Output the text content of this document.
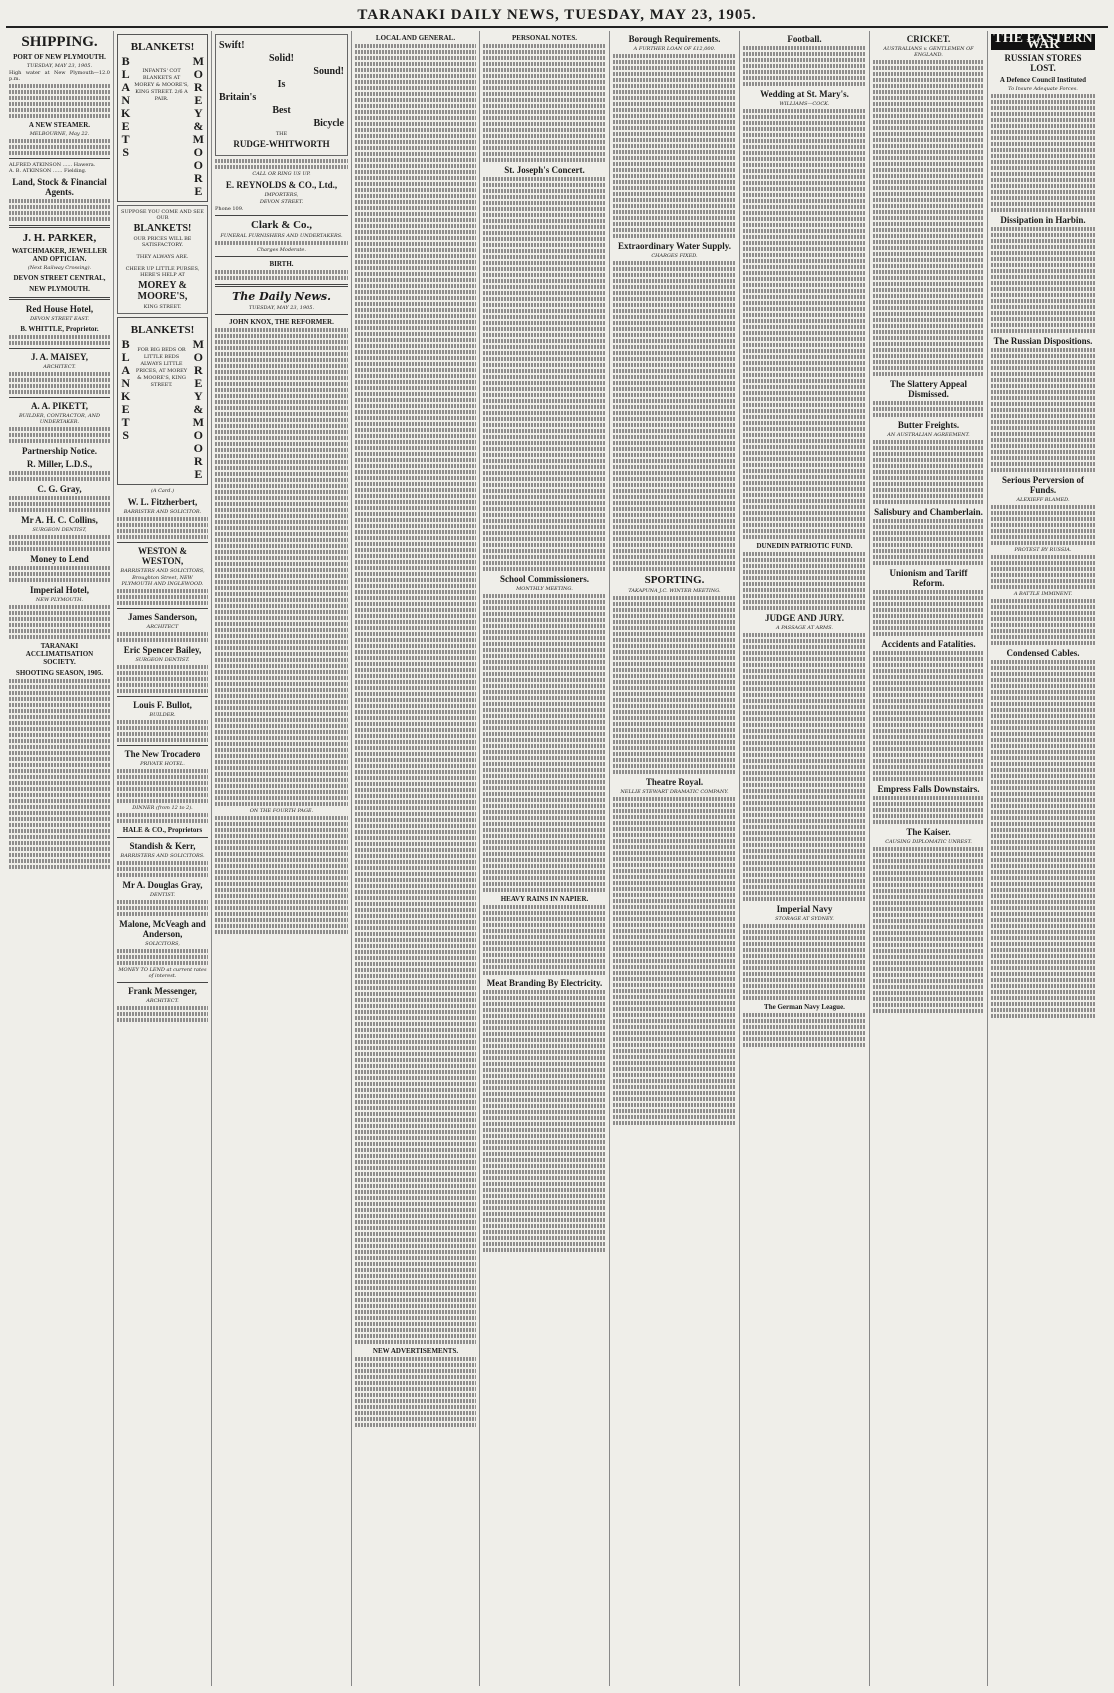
TARANAKI DAILY NEWS, TUESDAY, MAY 23, 1905.
SHIPPING.
PORT OF NEW PLYMOUTH.
TUESDAY, MAY 23, 1905.
High water at New Plymouth—12.0 p.m.
A NEW STEAMER.
MELBOURNE, May 22.
ALFRED ATKINSON ...... Hawera.
A. B. ATKINSON ...... Fielding.
Land, Stock & Financial Agents.
J. H. PARKER,
WATCHMAKER, JEWELLER AND OPTICIAN.
(Next Railway Crossing).
DEVON STREET CENTRAL,
NEW PLYMOUTH.
Red House Hotel,
DEVON STREET EAST.
B. WHITTLE, Proprietor.
J. A. MAISEY,
ARCHITECT.
A. A. PIKETT,
BUILDER, CONTRACTOR, AND UNDERTAKER.
Partnership Notice.
R. Miller, L.D.S.,
C. G. Gray,
Mr A. H. C. Collins,
SURGEON DENTIST,
Money to Lend
Imperial Hotel,
NEW PLYMOUTH.
TARANAKI ACCLIMATISATION SOCIETY.
SHOOTING SEASON, 1905.
BLANKETS!
B
L
A
N
K
E
T
S
INFANTS' COT BLANKETS AT MOREY & MOORE'S, KING STREET. 2/6 A PAIR.
M
O
R
E
Y
&
M
O
O
R
E
SUPPOSE YOU COME AND SEE
OUR
BLANKETS!
OUR PRICES WILL BE SATISFACTORY.
THEY ALWAYS ARE.
CHEER UP LITTLE PURSES, HERE'S HELP AT
MOREY & MOORE'S,
KING STREET.
BLANKETS!
B
L
A
N
K
E
T
S
FOR BIG BEDS OR LITTLE BEDS ALWAYS LITTLE PRICES, AT MOREY & MOORE'S, KING STREET.
M
O
R
E
Y
&
M
O
O
R
E
(A Card.)
W. L. Fitzherbert,
BARRISTER AND SOLICITOR.
WESTON & WESTON,
BARRISTERS AND SOLICITORS,
Broughton Street, NEW PLYMOUTH AND INGLEWOOD.
James Sanderson,
ARCHITECT
Eric Spencer Bailey,
SURGEON DENTIST.
Louis F. Bullot,
BUILDER.
The New Trocadero
PRIVATE HOTEL.
DINNER (from 12 to 2).
HALE & CO., Proprietors
Standish & Kerr,
BARRISTERS AND SOLICITORS.
Mr A. Douglas Gray,
DENTIST.
Malone, McVeagh and Anderson,
SOLICITORS,
MONEY TO LEND at current rates of interest.
Frank Messenger,
ARCHITECT.
Swift!
Solid!
Sound!
Is
Britain's
Best
Bicycle
THE
RUDGE-WHITWORTH
CALL OR RING US UP.
E. REYNOLDS & CO., Ltd.,
IMPORTERS,
DEVON STREET.
Phone 109.
Clark & Co.,
FUNERAL FURNISHERS AND UNDERTAKERS.
Charges Moderate.
BIRTH.
The Daily News.
TUESDAY, MAY 23, 1905.
JOHN KNOX, THE REFORMER.
ON THE FOURTH PAGE.
LOCAL AND GENERAL.
NEW ADVERTISEMENTS.
PERSONAL NOTES.
St. Joseph's Concert.
School Commissioners.
MONTHLY MEETING.
HEAVY RAINS IN NAPIER.
Meat Branding By Electricity.
Borough Requirements.
A FURTHER LOAN OF £12,000.
Extraordinary Water Supply.
CHARGES FIXED.
SPORTING.
TAKAPUNA J.C. WINTER MEETING.
Theatre Royal.
NELLIE STEWART DRAMATIC COMPANY.
Football.
Wedding at St. Mary's.
WILLIAMS—COCK.
DUNEDIN PATRIOTIC FUND.
JUDGE AND JURY.
A PASSAGE AT ARMS.
Imperial Navy
STORAGE AT SYDNEY.
The German Navy League.
CRICKET.
AUSTRALIANS v. GENTLEMEN OF ENGLAND.
The Slattery Appeal Dismissed.
Butter Freights.
AN AUSTRALIAN AGREEMENT.
Salisbury and Chamberlain.
Unionism and Tariff Reform.
Accidents and Fatalities.
Empress Falls Downstairs.
The Kaiser.
CAUSING DIPLOMATIC UNREST.
THE EASTERN WAR
RUSSIAN STORES LOST.
A Defence Council Instituted
To Insure Adequate Forces.
Dissipation in Harbin.
The Russian Dispositions.
Serious Perversion of Funds.
ALEXIEFF BLAMED.
PROTEST BY RUSSIA.
A BATTLE IMMINENT.
Condensed Cables.
